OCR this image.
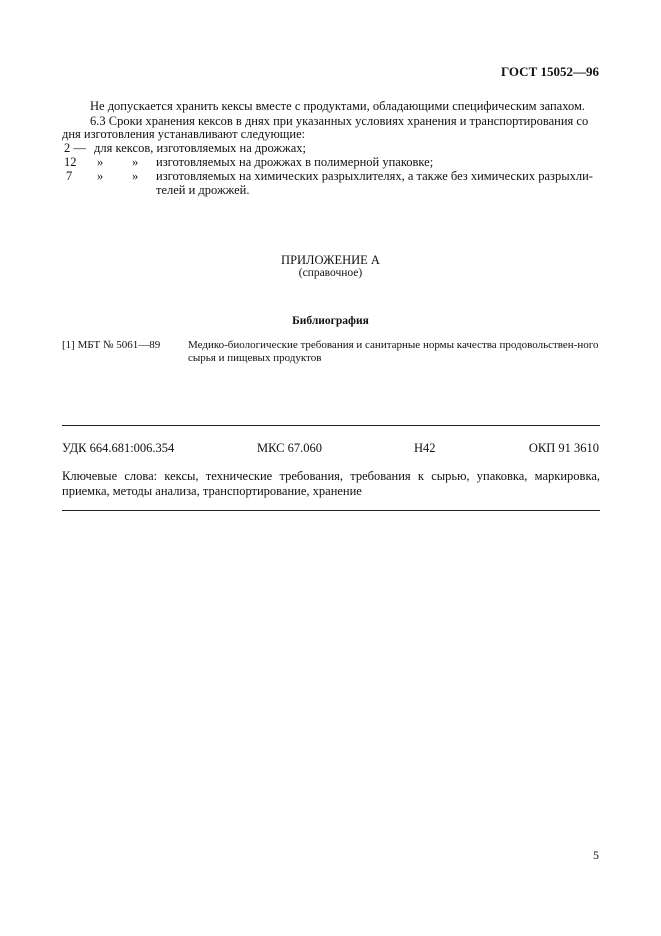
ГОСТ 15052—96
Не допускается хранить кексы вместе с продуктами, обладающими специфическим запахом.
6.3 Сроки хранения кексов в днях при указанных условиях хранения и транспортирования со
дня изготовления устанавливают следующие:
2 — для кексов, изготовляемых на дрожжах;
12 » » изготовляемых на дрожжах в полимерной упаковке;
7 » » изготовляемых на химических разрыхлителях, а также без химических разрыхли-
телей и дрожжей.
ПРИЛОЖЕНИЕ А
(справочное)
Библиография
[1] МБТ № 5061—89	Медико-биологические требования и санитарные нормы качества продовольствен-ного сырья и пищевых продуктов
УДК 664.681:006.354	МКС 67.060	Н42	ОКП 91 3610
Ключевые слова: кексы, технические требования, требования к сырью, упаковка, маркировка, приемка, методы анализа, транспортирование, хранение
5
